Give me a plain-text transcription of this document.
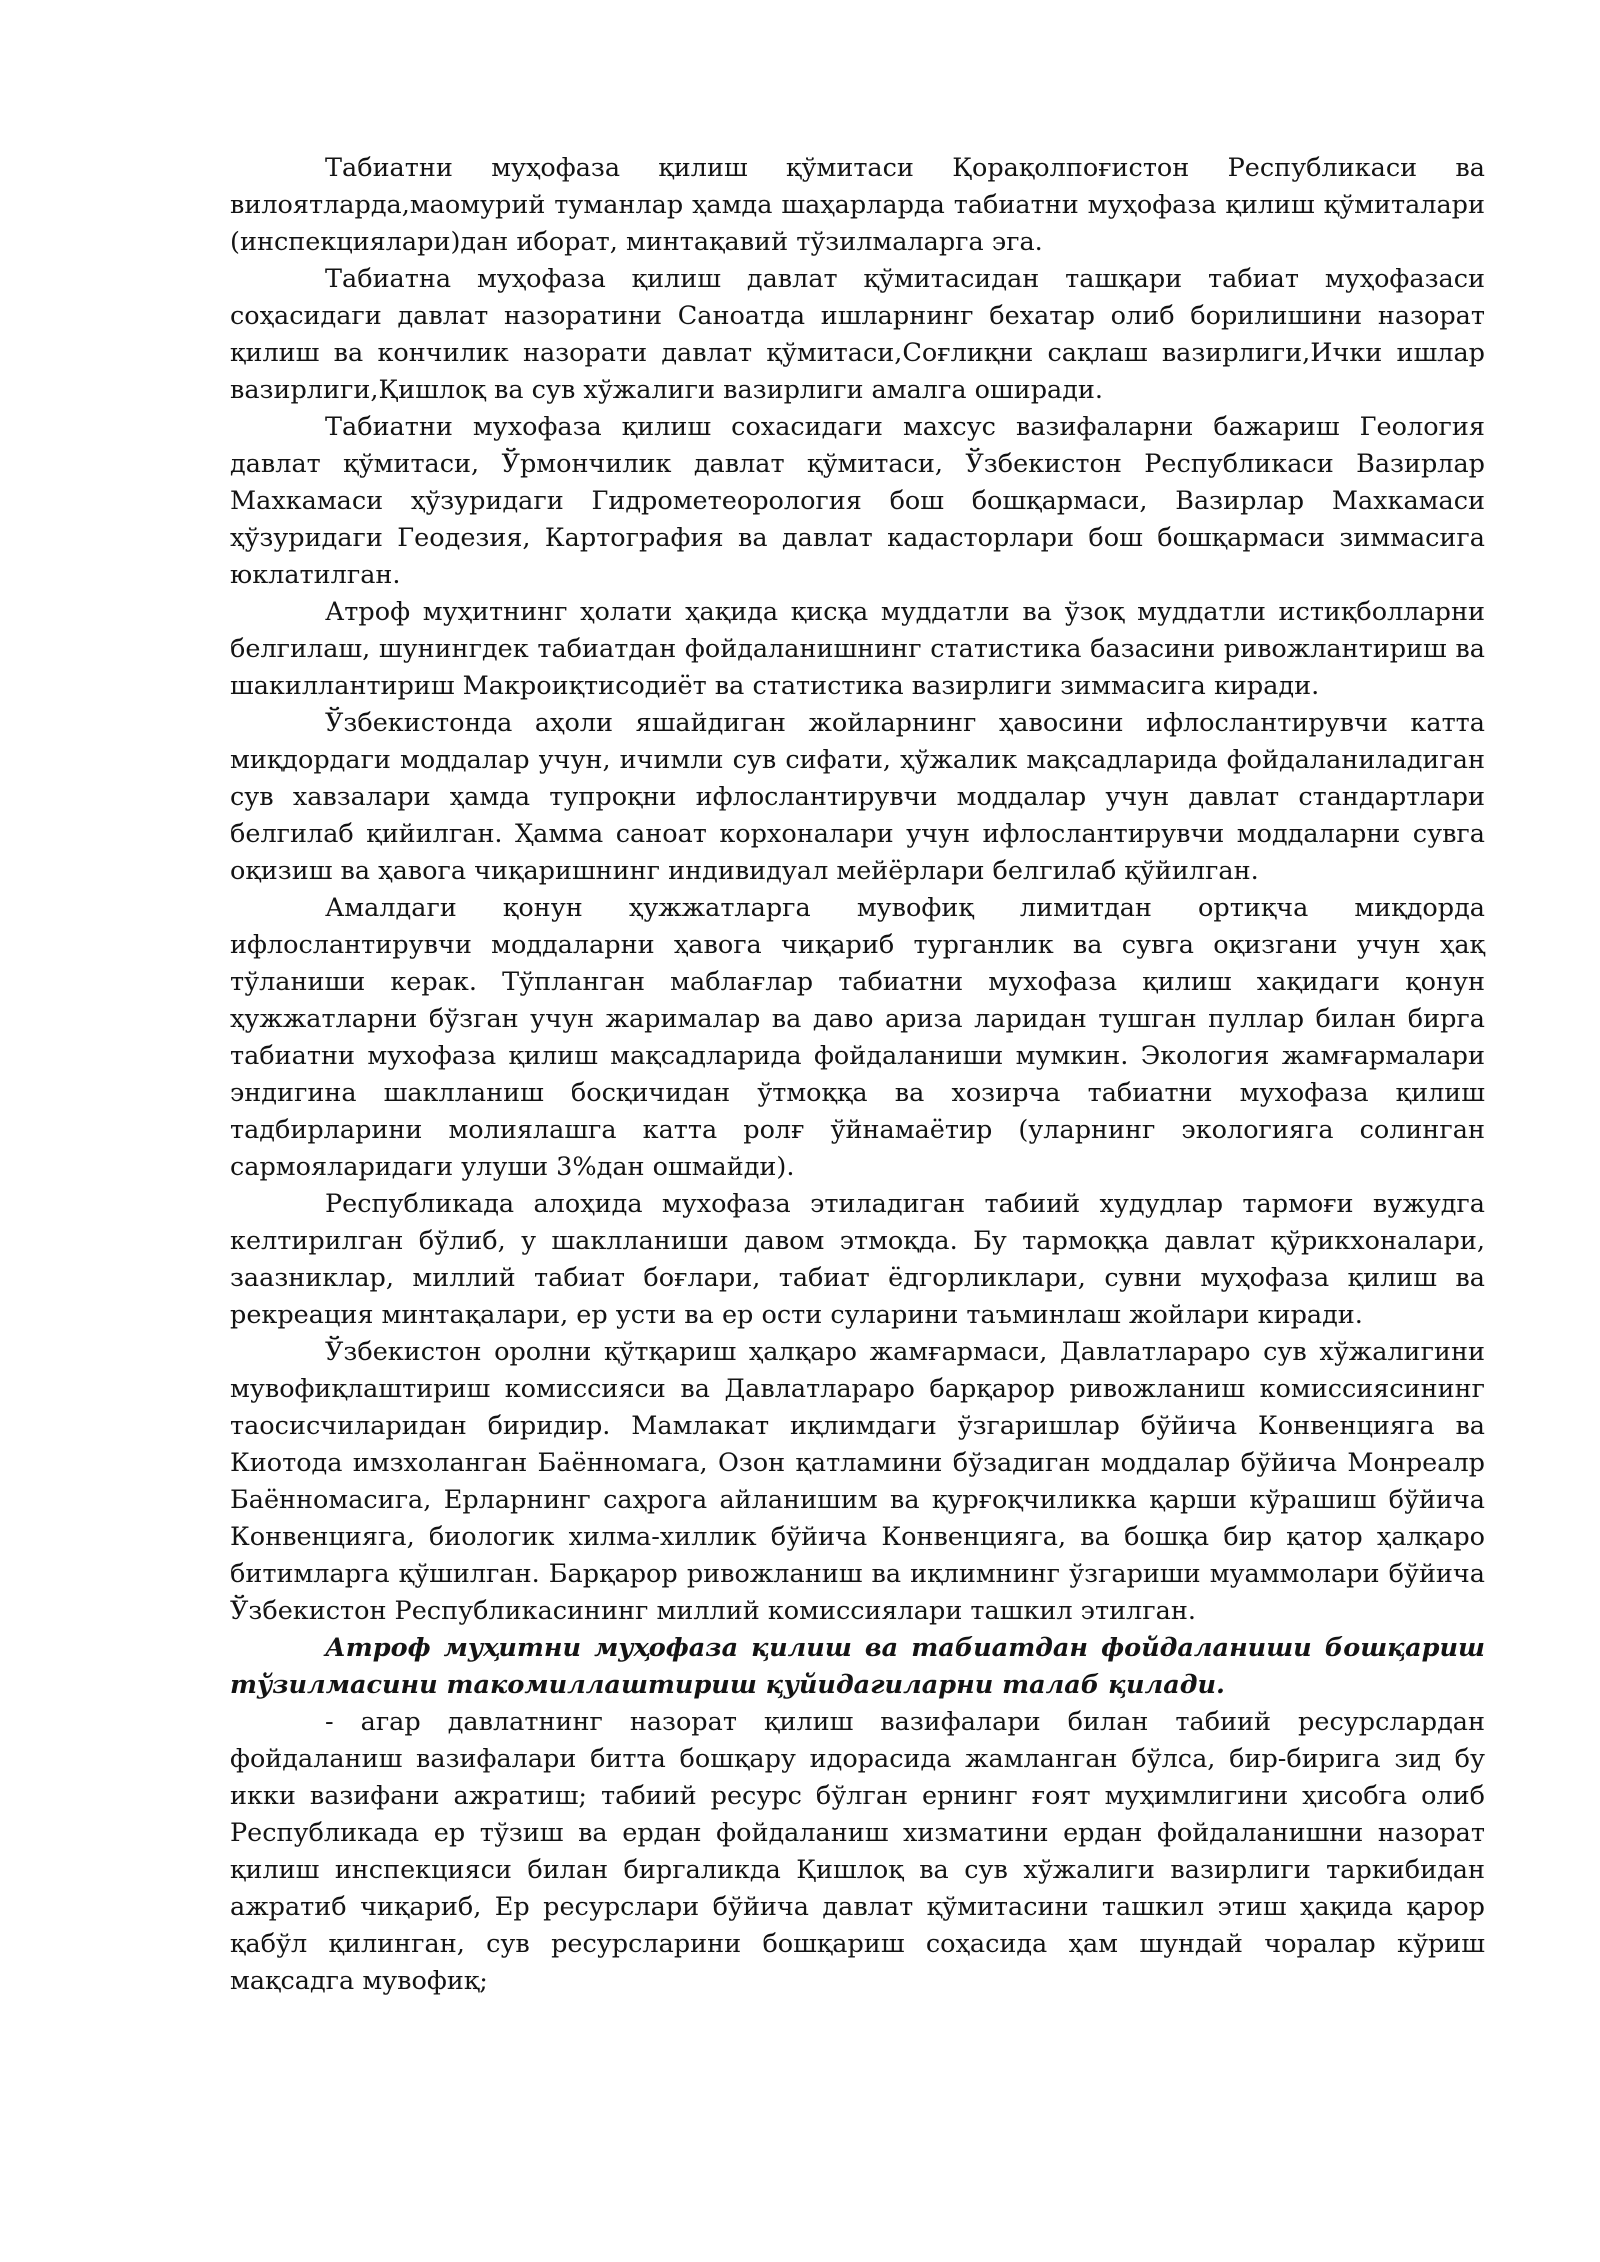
Табиатни муҳофаза қилиш қўмитаси Қорақолпоғистон Республикаси ва вилоятларда,маомурий туманлар ҳамда шаҳарларда табиатни муҳофаза қилиш қўмиталари (инспекциялари)дан иборат, минтақавий тўзилмаларга эга.

Табиатна муҳофаза қилиш давлат қўмитасидан ташқари табиат муҳофазаси соҳасидаги давлат назоратини Саноатда ишларнинг бехатар олиб борилишини назорат қилиш ва кончилик назорати давлат қўмитаси,Соғлиқни сақлаш вазирлиги,Ички ишлар вазирлиги,Қишлоқ ва сув хўжалиги вазирлиги амалга оширади.

Табиатни мухофаза қилиш сохасидаги махсус вазифаларни бажариш Геология давлат қўмитаси, Ўрмончилик давлат қўмитаси, Ўзбекистон Республикаси Вазирлар Махкамаси ҳўзуридаги Гидрометеорология бош бошқармаси, Вазирлар Махкамаси ҳўзуридаги Геодезия, Картография ва давлат кадасторлари бош бошқармаси зиммасига юклатилган.

Атроф муҳитнинг ҳолати ҳақида қисқа муддатли ва ўзоқ муддатли истиқболларни белгилаш, шунингдек табиатдан фойдаланишнинг статистика базасини ривожлантириш ва шакиллантириш Макроиқтисодиёт ва статистика вазирлиги зиммасига киради.

Ўзбекистонда аҳоли яшайдиган жойларнинг ҳавосини ифлослантирувчи катта миқдордаги моддалар учун, ичимли сув сифати, ҳўжалик мақсадларида фойдаланиладиган сув хавзалари ҳамда тупроқни ифлослантирувчи моддалар учун давлат стандартлари белгилаб қийилган. Ҳамма саноат корхоналари учун ифлослантирувчи моддаларни сувга оқизиш ва ҳавога чиқаришнинг индивидуал мейёрлари белгилаб қўйилган.

Амалдаги қонун ҳужжатларга мувофиқ лимитдан ортиқча миқдорда ифлослантирувчи моддаларни ҳавога чиқариб турганлик ва сувга оқизгани учун ҳақ тўланиши керак. Тўпланган маблағлар табиатни мухофаза қилиш хақидаги қонун ҳужжатларни бўзган учун жарималар ва даво ариза ларидан тушган пуллар билан бирга табиатни мухофаза қилиш мақсадларида фойдаланиши мумкин. Экология жамғармалари эндигина шаклланиш босқичидан ўтмоққа ва хозирча табиатни мухофаза қилиш тадбирларини молиялашга катта ролғ ўйнамаётир (уларнинг экологияга солинган сармояларидаги улуши 3%дан ошмайди).

Республикада алоҳида мухофаза этиладиган табиий худудлар тармоғи вужудга келтирилган бўлиб, у шаклланиши давом этмоқда. Бу тармоққа давлат қўрикхоналари, заазниклар, миллий табиат боғлари, табиат ёдгорликлари, сувни муҳофаза қилиш ва рекреация минтақалари, ер усти ва ер ости суларини таъминлаш жойлари киради.

Ўзбекистон оролни қўтқариш ҳалқаро жамғармаси, Давлатлараро сув хўжалигини мувофиқлаштириш комиссияси ва Давлатлараро барқарор ривожланиш комиссиясининг таосисчиларидан биридир. Мамлакат иқлимдаги ўзгаришлар бўйича Конвенцияга ва Киотода имзхоланган Баённомага, Озон қатламини бўзадиган моддалар бўйича Монреалр Баённомасига, Ерларнинг саҳрога айланишим ва қурғоқчиликка қарши кўрашиш бўйича Конвенцияга, биологик хилма-хиллик бўйича Конвенцияга, ва бошқа бир қатор ҳалқаро битимларга қўшилган. Барқарор ривожланиш ва иқлимнинг ўзгариши муаммолари бўйича Ўзбекистон Республикасининг миллий комиссиялари ташкил этилган.

Атроф муҳитни муҳофаза қилиш ва табиатдан фойдаланиши бошқариш тўзилмасини такомиллаштириш қуйидагиларни талаб қилади.

- агар давлатнинг назорат қилиш вазифалари билан табиий ресурслардан фойдаланиш вазифалари битта бошқару идорасида жамланган бўлса, бир-бирига зид бу икки вазифани ажратиш; табиий ресурс бўлган ернинг ғоят муҳимлигини ҳисобга олиб Республикада ер тўзиш ва ердан фойдаланиш хизматини ердан фойдаланишни назорат қилиш инспекцияси билан биргаликда Қишлоқ ва сув хўжалиги вазирлиги таркибидан ажратиб чиқариб, Ер ресурслари бўйича давлат қўмитасини ташкил этиш ҳақида қарор қабўл қилинган, сув ресурсларини бошқариш соҳасида ҳам шундай чоралар кўриш мақсадга мувофиқ;
